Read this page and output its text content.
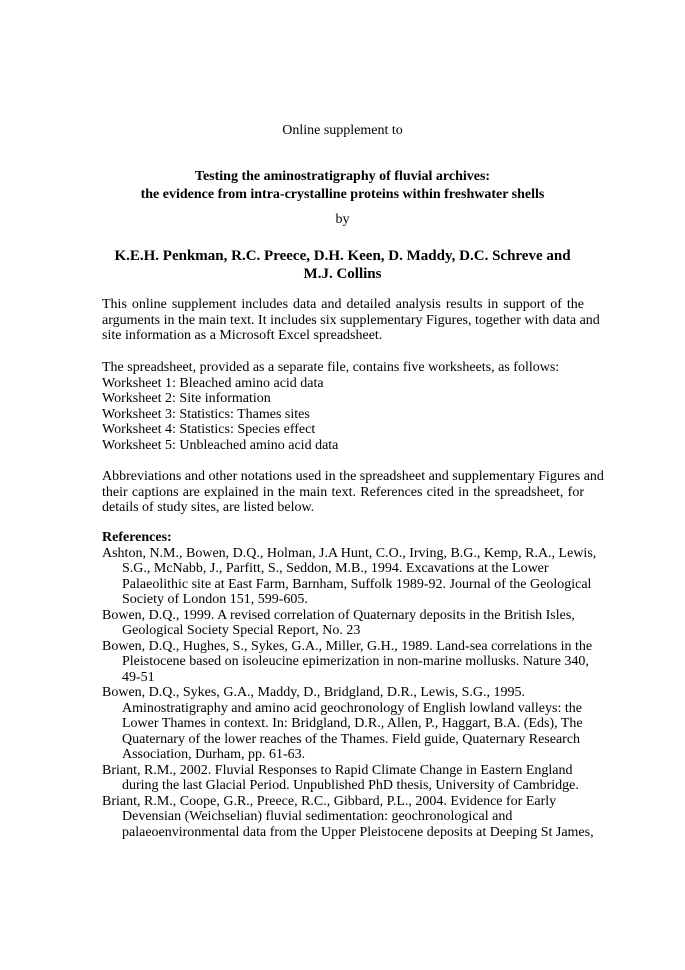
Online supplement to
Testing the aminostratigraphy of fluvial archives:
the evidence from intra-crystalline proteins within freshwater shells
by
K.E.H. Penkman, R.C. Preece, D.H. Keen, D. Maddy, D.C. Schreve and
M.J. Collins
This online supplement includes data and detailed analysis results in support of the
arguments in the main text. It includes six supplementary Figures, together with data and
site information as a Microsoft Excel spreadsheet.
The spreadsheet, provided as a separate file, contains five worksheets, as follows:
Worksheet 1: Bleached amino acid data
Worksheet 2: Site information
Worksheet 3: Statistics: Thames sites
Worksheet 4: Statistics: Species effect
Worksheet 5: Unbleached amino acid data
Abbreviations and other notations used in the spreadsheet and supplementary Figures and
their captions are explained in the main text. References cited in the spreadsheet, for
details of study sites, are listed below.
References:
Ashton, N.M., Bowen, D.Q., Holman, J.A Hunt, C.O., Irving, B.G., Kemp, R.A., Lewis,
S.G., McNabb, J., Parfitt, S., Seddon, M.B., 1994. Excavations at the Lower
Palaeolithic site at East Farm, Barnham, Suffolk 1989-92. Journal of the Geological
Society of London 151, 599-605.
Bowen, D.Q., 1999. A revised correlation of Quaternary deposits in the British Isles,
Geological Society Special Report, No. 23
Bowen, D.Q., Hughes, S., Sykes, G.A., Miller, G.H., 1989. Land-sea correlations in the
Pleistocene based on isoleucine epimerization in non-marine mollusks. Nature 340,
49-51
Bowen, D.Q., Sykes, G.A., Maddy, D., Bridgland, D.R., Lewis, S.G., 1995.
Aminostratigraphy and amino acid geochronology of English lowland valleys: the
Lower Thames in context. In: Bridgland, D.R., Allen, P., Haggart, B.A. (Eds), The
Quaternary of the lower reaches of the Thames. Field guide, Quaternary Research
Association, Durham, pp. 61-63.
Briant, R.M., 2002. Fluvial Responses to Rapid Climate Change in Eastern England
during the last Glacial Period. Unpublished PhD thesis, University of Cambridge.
Briant, R.M., Coope, G.R., Preece, R.C., Gibbard, P.L., 2004. Evidence for Early
Devensian (Weichselian) fluvial sedimentation: geochronological and
palaeoenvironmental data from the Upper Pleistocene deposits at Deeping St James,
